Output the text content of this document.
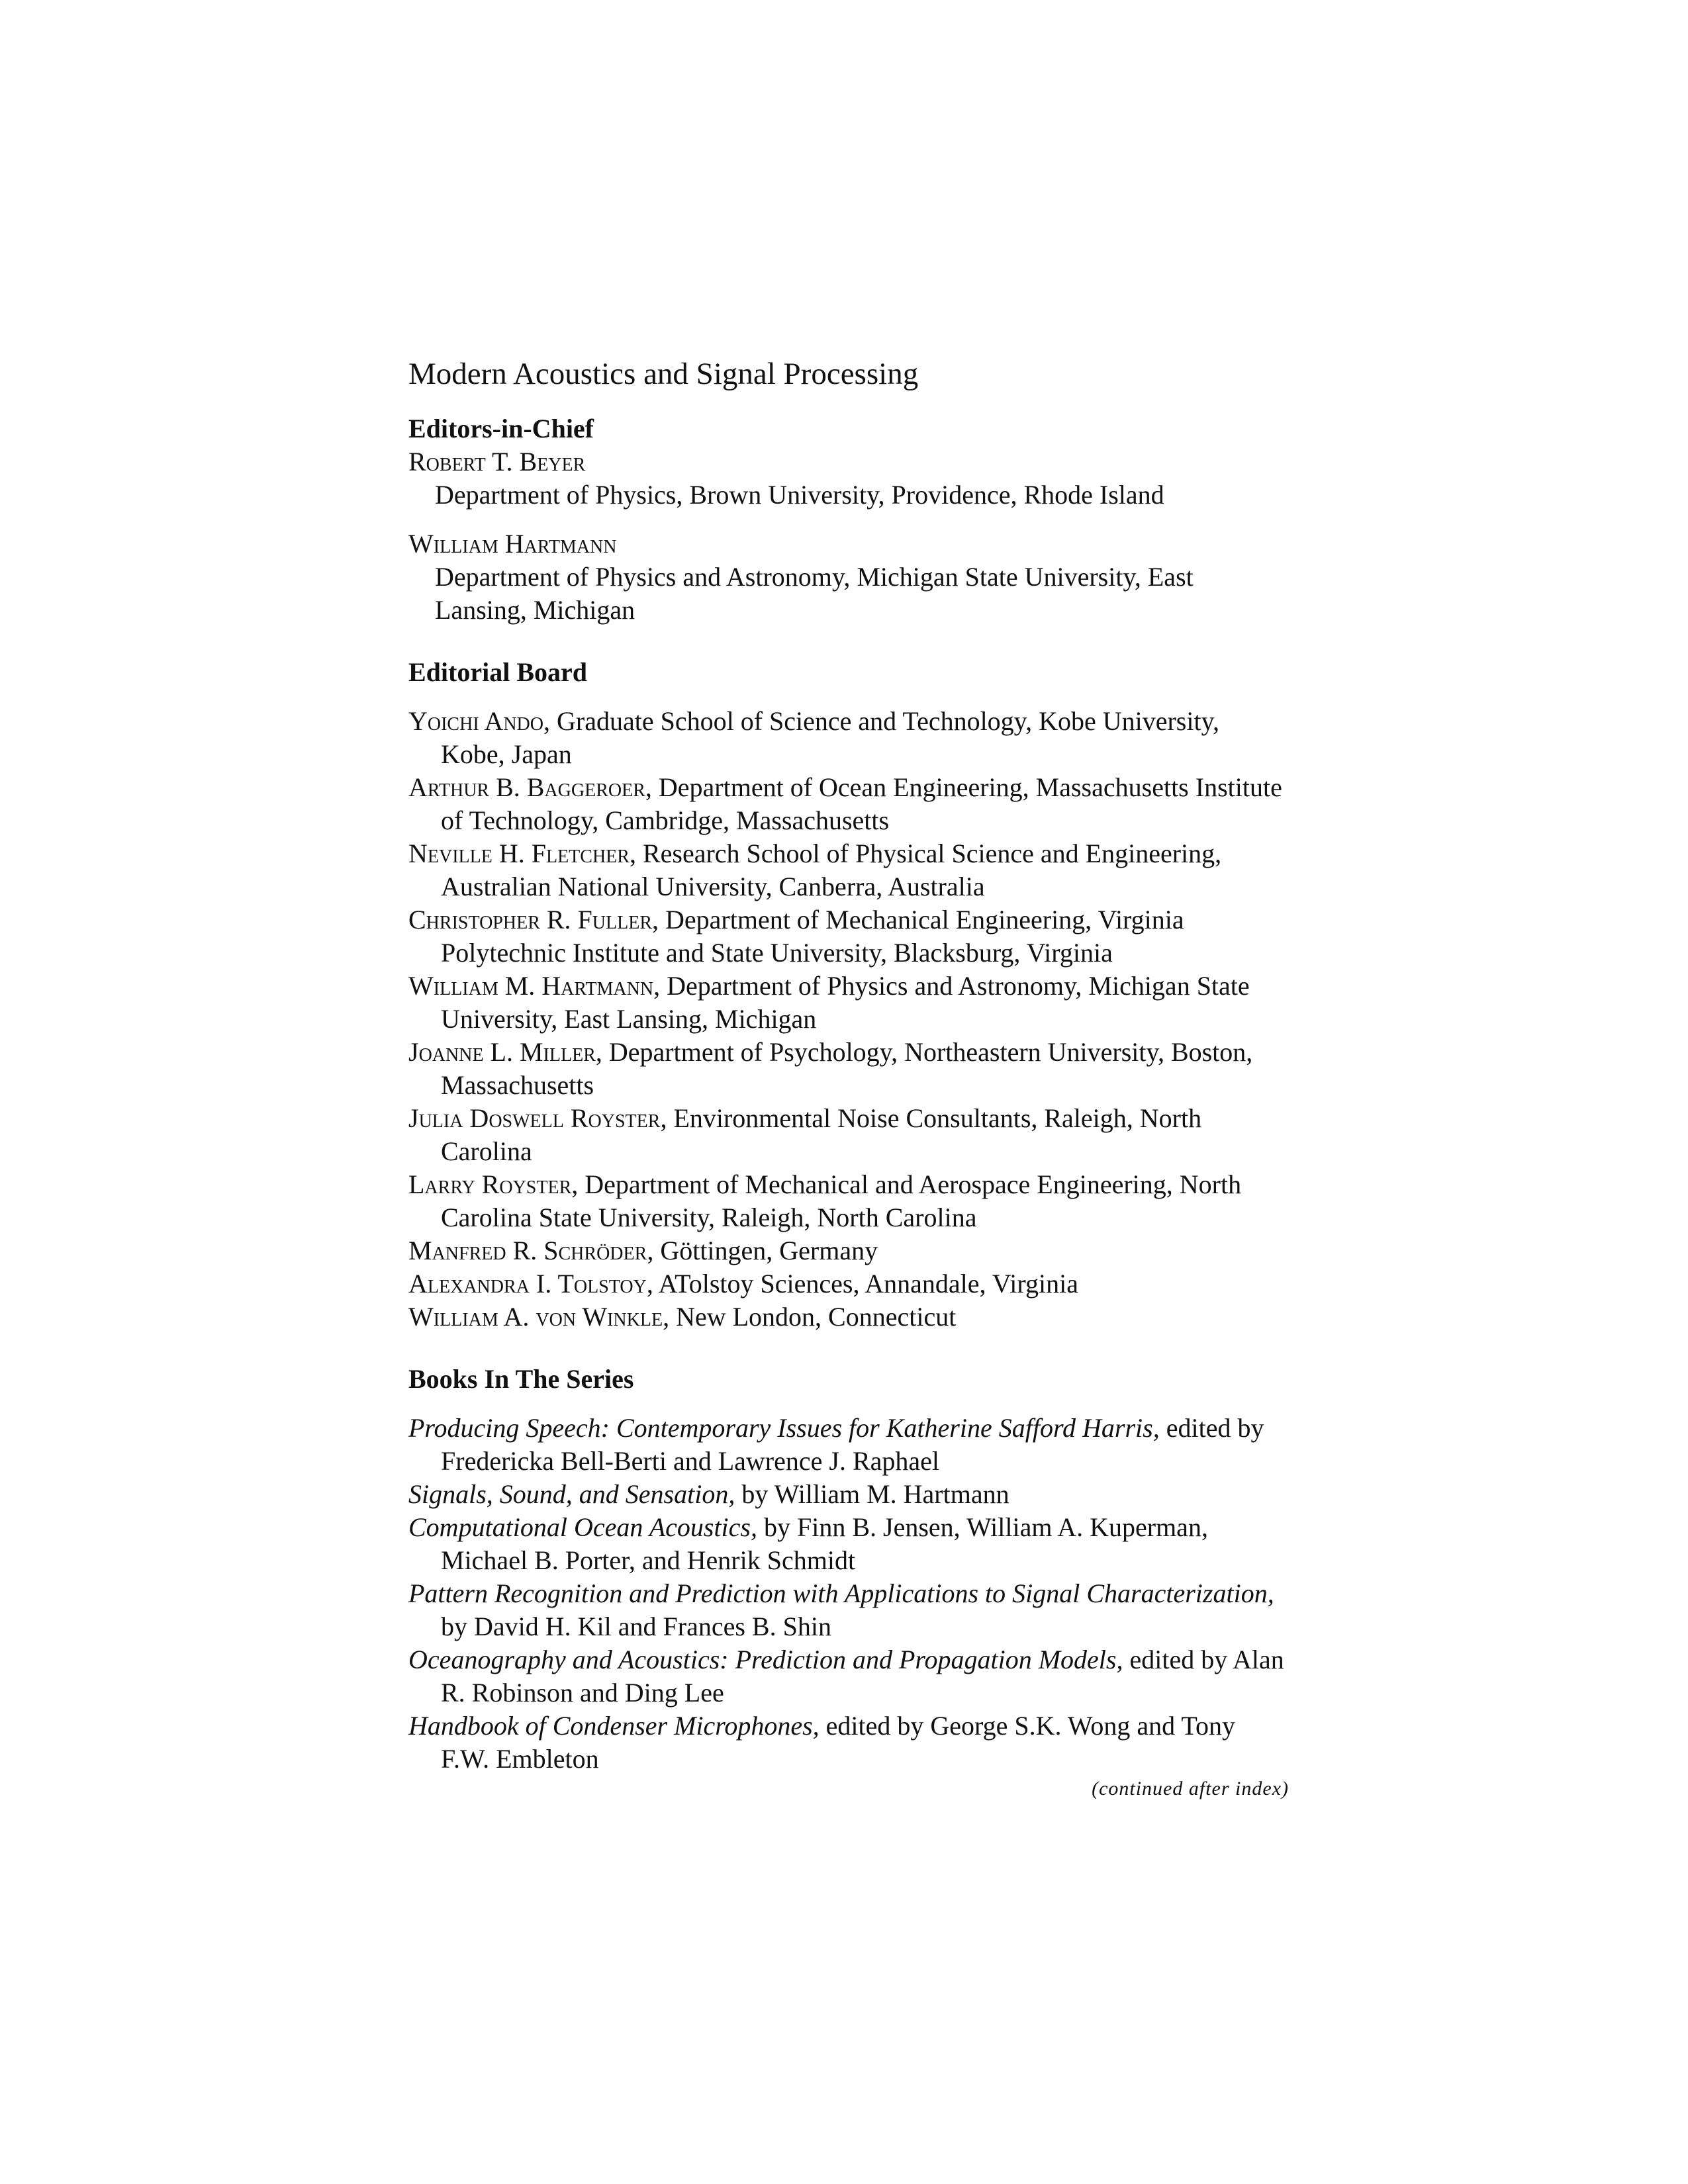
Modern Acoustics and Signal Processing
Editors-in-Chief
Robert T. Beyer
Department of Physics, Brown University, Providence, Rhode Island
William Hartmann
Department of Physics and Astronomy, Michigan State University, East Lansing, Michigan
Editorial Board
Yoichi Ando, Graduate School of Science and Technology, Kobe University, Kobe, Japan
Arthur B. Baggeroer, Department of Ocean Engineering, Massachusetts Institute of Technology, Cambridge, Massachusetts
Neville H. Fletcher, Research School of Physical Science and Engineering, Australian National University, Canberra, Australia
Christopher R. Fuller, Department of Mechanical Engineering, Virginia Polytechnic Institute and State University, Blacksburg, Virginia
William M. Hartmann, Department of Physics and Astronomy, Michigan State University, East Lansing, Michigan
Joanne L. Miller, Department of Psychology, Northeastern University, Boston, Massachusetts
Julia Doswell Royster, Environmental Noise Consultants, Raleigh, North Carolina
Larry Royster, Department of Mechanical and Aerospace Engineering, North Carolina State University, Raleigh, North Carolina
Manfred R. Schröder, Göttingen, Germany
Alexandra I. Tolstoy, ATolstoy Sciences, Annandale, Virginia
William A. von Winkle, New London, Connecticut
Books In The Series
Producing Speech: Contemporary Issues for Katherine Safford Harris, edited by Fredericka Bell-Berti and Lawrence J. Raphael
Signals, Sound, and Sensation, by William M. Hartmann
Computational Ocean Acoustics, by Finn B. Jensen, William A. Kuperman, Michael B. Porter, and Henrik Schmidt
Pattern Recognition and Prediction with Applications to Signal Characterization, by David H. Kil and Frances B. Shin
Oceanography and Acoustics: Prediction and Propagation Models, edited by Alan R. Robinson and Ding Lee
Handbook of Condenser Microphones, edited by George S.K. Wong and Tony F.W. Embleton
(continued after index)
